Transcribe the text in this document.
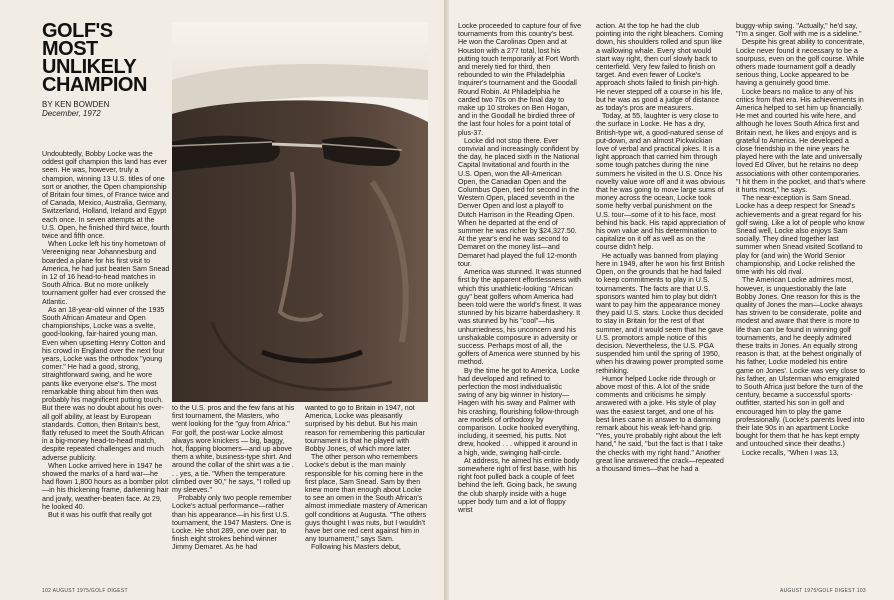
GOLF'S
MOST
UNLIKELY
CHAMPION
BY KEN BOWDEN
December, 1972

Undoubtedly, Bobby Locke was the oddest golf champion this land has ever seen. He was, however, truly a champion, winning 13 U.S. titles of one sort or another, the Open championship of Britain four times, of France twice and of Canada, Mexico, Australia, Germany, Switzerland, Holland, Ireland and Egypt each once. In seven attempts at the U.S. Open, he finished third twice, fourth twice and fifth once.

When Locke left his tiny hometown of Vereeniging near Johannesburg and boarded a plane for his first visit to America, he had just beaten Sam Snead in 12 of 16 head-to-head matches in South Africa. But no more unlikely tournament golfer had ever crossed the Atlantic.

As an 18-year-old winner of the 1935 South African Amateur and Open championships, Locke was a svelte, good-looking, fair-haired young man. Even when upsetting Henry Cotton and his crowd in England over the next four years, Locke was the orthodox "young comer." He had a good, strong, straightforward swing, and he wore pants like everyone else's. The most remarkable thing about him then was probably his magnificent putting touch. But there was no doubt about his over-all golf ability, at least by European standards. Cotton, then Britain's best, flatly refused to meet the South African in a big-money head-to-head match, despite repeated challenges and much adverse publicity.

When Locke arrived here in 1947 he showed the marks of a hard war—he had flown 1,800 hours as a bomber pilot—in his thickening frame, darkening hair and jowly, weather-beaten face. At 29, he looked 40.

But it was his outfit that really got

to the U.S. pros and the few fans at his first tournament, the Masters, who went looking for the "guy from Africa." For golf, the post-war Locke almost always wore knickers — big, baggy, hot, flapping bloomers—and up above them a white, business-type shirt. And around the collar of the shirt was a tie . . . yes, a tie. "When the temperature climbed over 90," he says, "I rolled up my sleeves."

Probably only two people remember Locke's actual performance—rather than his appearance—in his first U.S. tournament, the 1947 Masters. One is Locke. He shot 289, one over par, to finish eight strokes behind winner Jimmy Demaret. As he had

wanted to go to Britain in 1947, not America, Locke was pleasantly surprised by his debut. But his main reason for remembering this particular tournament is that he played with Bobby Jones, of which more later.

The other person who remembers Locke's debut is the man mainly responsible for his coming here in the first place, Sam Snead. Sam by then knew more than enough about Locke to see an omen in the South African's almost immediate mastery of American golf conditions at Augusta. "The others guys thought I was nuts, but I wouldn't have bet one red cent against him in any tournament," says Sam.

Following his Masters debut,

102 AUGUST 1975/GOLF DIGEST	AUGUST 1975/GOLF DIGEST 103

Locke proceeded to capture four of five tournaments from this country's best. He won the Carolinas Open and at Houston with a 277 total, lost his putting touch temporarily at Fort Worth and merely tied for third, then rebounded to win the Philadelphia Inquirer's tournament and the Goodall Round Robin. At Philadelphia he carded two 70s on the final day to make up 10 strokes on Ben Hogan, and in the Goodall he birdied three of the last four holes for a point total of plus-37.

Locke did not stop there. Ever convivial and increasingly confident by the day, he placed sixth in the National Capital Invitational and fourth in the U.S. Open, won the All-American Open, the Canadian Open and the Columbus Open, tied for second in the Western Open, placed seventh in the Denver Open and lost a playoff to Dutch Harrison in the Reading Open. When he departed at the end of summer he was richer by $24,327.50. At the year's end he was second to Demaret on the money list—and Demaret had played the full 12-month tour.

America was stunned. It was stunned first by the apparent effortlessness with which this unathletic-looking "African guy" beat golfers whom America had been told were the world's finest. It was stunned by his bizarre haberdashery. It was stunned by his "cool"—his unhurriedness, his unconcern and his unshakable composure in adversity or success. Perhaps most of all, the golfers of America were stunned by his method.

By the time he got to America, Locke had developed and refined to perfection the most individualistic swing of any big winner in history—Hagen with his sway and Palmer with his crashing, flourishing follow-through are models of orthodoxy by comparison. Locke hooked everything, including, it seemed, his putts. Not drew, hooked . . . whipped it around in a high, wide, swinging half-circle.

At address, he aimed his entire body somewhere right of first base, with his right foot pulled back a couple of feet behind the left. Going back, he swung the club sharply inside with a huge upper body turn and a lot of floppy wrist

action. At the top he had the club pointing into the right bleachers. Coming down, his shoulders rolled and spun like a wallowing whale. Every shot would start way right, then curl slowly back to centerfield. Very few failed to finish on target. And even fewer of Locke's approach shots failed to finish pin-high. He never stepped off a course in his life, but he was as good a judge of distance as today's pros are measurers.

Today, at 55, laughter is very close to the surface in Locke. He has a dry, British-type wit, a good-natured sense of put-down, and an almost Pickwickian love of verbal and practical jokes. It is a light approach that carried him through some tough patches during the nine summers he visited in the U.S. Once his novelty value wore off and it was obvious that he was going to move large sums of money across the ocean, Locke took some hefty verbal punishment on the U.S. tour—some of it to his face, most behind his back. His rapid appreciation of his own value and his determination to capitalize on it off as well as on the course didn't help.

He actually was banned from playing here in 1949, after he won his first British Open, on the grounds that he had failed to keep commitments to play in U.S. tournaments. The facts are that U.S. sponsors wanted him to play but didn't want to pay him the appearance money they paid U.S. stars. Locke thus decided to stay in Britain for the rest of that summer, and it would seem that he gave U.S. promotors ample notice of this decision. Nevertheless, the U.S. PGA suspended him until the spring of 1950, when his drawing power prompted some rethinking.

Humor helped Locke ride through or above most of this. A lot of the snide comments and criticisms he simply answered with a joke. His style of play was the easiest target, and one of his best lines came in answer to a damning remark about his weak left-hand grip. "Yes, you're probably right about the left hand," he said, "but the fact is that I take the checks with my right hand." Another great line answered the crack—repeated a thousand times—that he had a

buggy-whip swing. "Actually," he'd say, "I'm a singer. Golf with me is a sideline."

Despite his great ability to concentrate, Locke never found it necessary to be a sourpuss, even on the golf course. While others made tournament golf a deadly serious thing, Locke appeared to be having a genuinely good time.

Locke bears no malice to any of his critics from that era. His achievements in America helped to set him up financially. He met and courted his wife here, and although he loves South Africa first and Britain next, he likes and enjoys and is grateful to America. He developed a close friendship in the nine years he played here with the late and universally loved Ed Oliver, but he retains no deep associations with other contemporaries. "I hit them in the pocket, and that's where it hurts most," he says.

The near-exception is Sam Snead. Locke has a deep respect for Snead's achievements and a great regard for his golf swing. Like a lot of people who know Snead well, Locke also enjoys Sam socially. They dined together last summer when Snead visited Scotland to play for (and win) the World Senior championship, and Locke relished the time with his old rival.

The American Locke admires most, however, is unquestionably the late Bobby Jones. One reason for this is the quality of Jones the man—Locke always has striven to be considerate, polite and modest and aware that there is more to life than can be found in winning golf tournaments, and he deeply admired these traits in Jones. An equally strong reason is that, at the behest originally of his father, Locke modeled his entire game on Jones'. Locke was very close to his father, an Ulsterman who emigrated to South Africa just before the turn of the century, became a successful sports-outfitter, started his son in golf and encouraged him to play the game professionally. (Locke's parents lived into their late 90s in an apartment Locke bought for them that he has kept empty and untouched since their deaths.)

Locke recalls, "When I was 13,
